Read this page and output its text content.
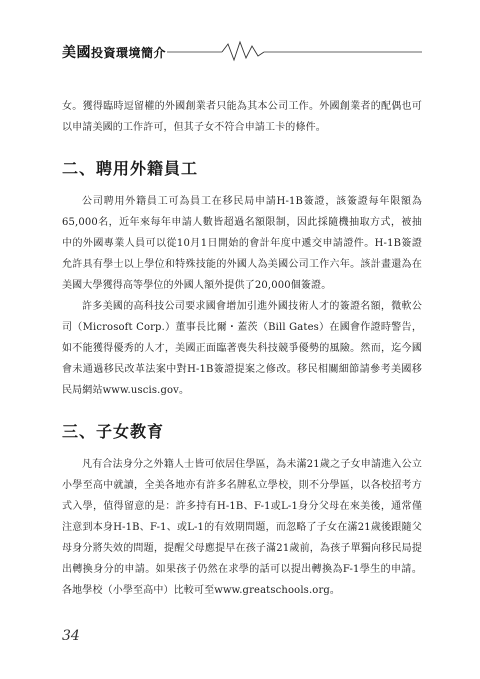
美國投資環境簡介

女。獲得臨時逗留權的外國創業者只能為其本公司工作。外國創業者的配偶也可以申請美國的工作許可，但其子女不符合申請工卡的條件。

二、聘用外籍員工

公司聘用外籍員工可為員工在移民局申請H-1B簽證，該簽證每年限額為65,000名，近年來每年申請人數皆超過名額限制，因此採隨機抽取方式，被抽中的外國專業人員可以從10月1日開始的會計年度中遞交申請證件。H-1B簽證允許具有學士以上學位和特殊技能的外國人為美國公司工作六年。該計畫還為在美國大學獲得高等學位的外國人額外提供了20,000個簽證。

許多美國的高科技公司要求國會增加引進外國技術人才的簽證名額，微軟公司（Microsoft Corp.）董事長比爾・蓋茨（Bill Gates）在國會作證時警告，如不能獲得優秀的人才，美國正面臨著喪失科技競爭優勢的風險。然而，迄今國會未通過移民改革法案中對H-1B簽證提案之修改。移民相關細節請參考美國移民局網站www.uscis.gov。

三、子女教育

凡有合法身分之外籍人士皆可依居住學區，為未滿21歲之子女申請進入公立小學至高中就讀，全美各地亦有許多名牌私立學校，則不分學區，以各校招考方式入學，值得留意的是：許多持有H-1B、F-1或L-1身分父母在來美後，通常僅注意到本身H-1B、F-1、或L-1的有效期問題，而忽略了子女在滿21歲後跟隨父母身分將失效的問題，提醒父母應提早在孩子滿21歲前，為孩子單獨向移民局提出轉換身分的申請。如果孩子仍然在求學的話可以提出轉換為F-1學生的申請。各地學校（小學至高中）比較可至www.greatschools.org。

34
